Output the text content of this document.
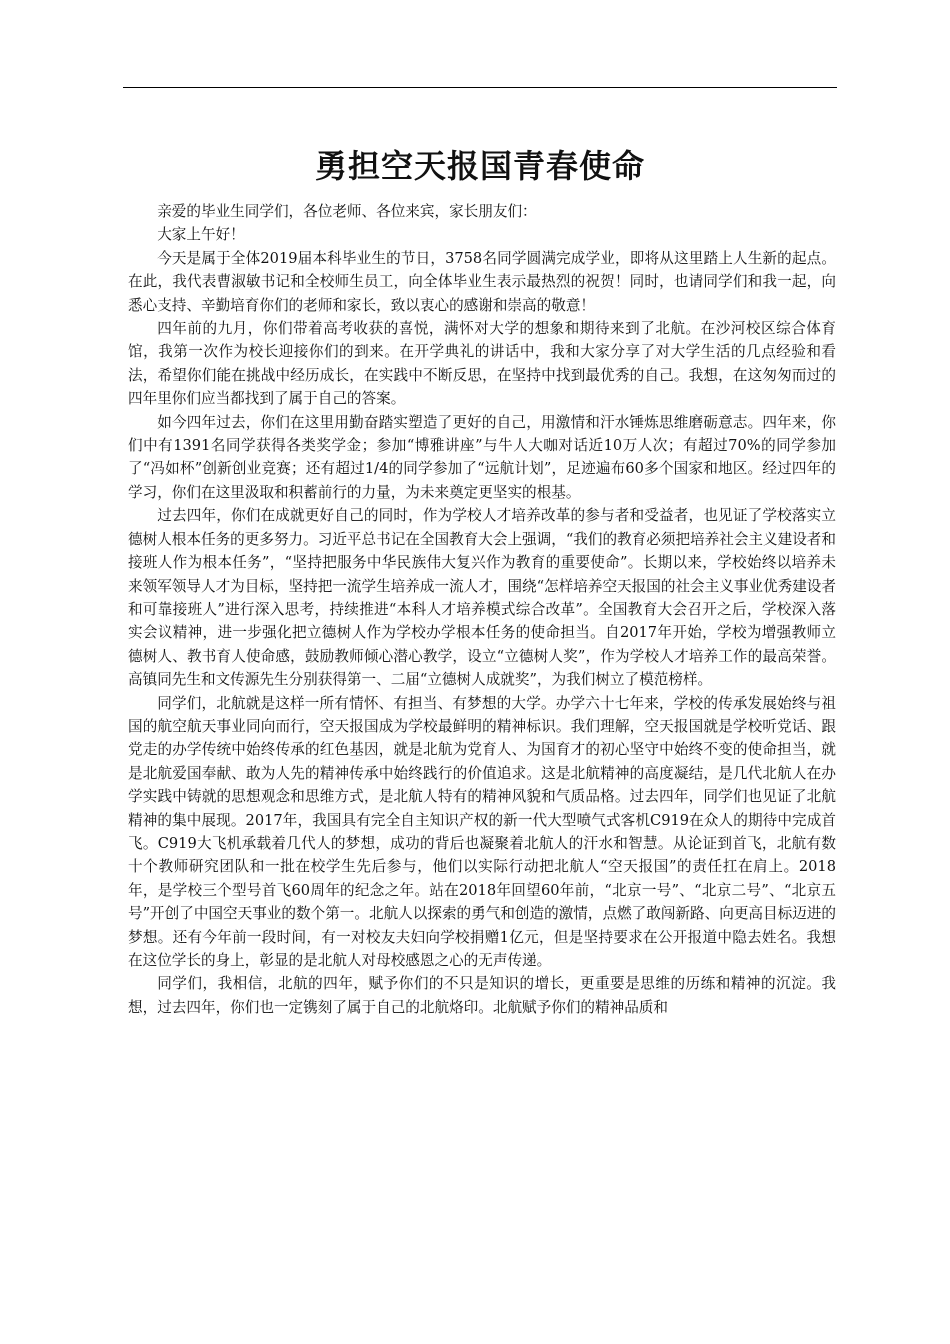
勇担空天报国青春使命

亲爱的毕业生同学们，各位老师、各位来宾，家长朋友们：

大家上午好！

今天是属于全体2019届本科毕业生的节日，3758名同学圆满完成学业，即将从这里踏上人生新的起点。在此，我代表曹淑敏书记和全校师生员工，向全体毕业生表示最热烈的祝贺！同时，也请同学们和我一起，向悉心支持、辛勤培育你们的老师和家长，致以衷心的感谢和崇高的敬意！

四年前的九月，你们带着高考收获的喜悦，满怀对大学的想象和期待来到了北航。在沙河校区综合体育馆，我第一次作为校长迎接你们的到来。在开学典礼的讲话中，我和大家分享了对大学生活的几点经验和看法，希望你们能在挑战中经历成长，在实践中不断反思，在坚持中找到最优秀的自己。我想，在这匆匆而过的四年里你们应当都找到了属于自己的答案。

如今四年过去，你们在这里用勤奋踏实塑造了更好的自己，用激情和汗水锤炼思维磨砺意志。四年来，你们中有1391名同学获得各类奖学金；参加“博雅讲座”与牛人大咖对话近10万人次；有超过70%的同学参加了“冯如杯”创新创业竞赛；还有超过1/4的同学参加了“远航计划”，足迹遍布60多个国家和地区。经过四年的学习，你们在这里汲取和积蓄前行的力量，为未来奠定更坚实的根基。

过去四年，你们在成就更好自己的同时，作为学校人才培养改革的参与者和受益者，也见证了学校落实立德树人根本任务的更多努力。习近平总书记在全国教育大会上强调，“我们的教育必须把培养社会主义建设者和接班人作为根本任务”，“坚持把服务中华民族伟大复兴作为教育的重要使命”。长期以来，学校始终以培养未来领军领导人才为目标，坚持把一流学生培养成一流人才，围绕“怎样培养空天报国的社会主义事业优秀建设者和可靠接班人”进行深入思考，持续推进“本科人才培养模式综合改革”。全国教育大会召开之后，学校深入落实会议精神，进一步强化把立德树人作为学校办学根本任务的使命担当。自2017年开始，学校为增强教师立德树人、教书育人使命感，鼓励教师倾心潜心教学，设立“立德树人奖”，作为学校人才培养工作的最高荣誉。高镇同先生和文传源先生分别获得第一、二届“立德树人成就奖”，为我们树立了模范榜样。

同学们，北航就是这样一所有情怀、有担当、有梦想的大学。办学六十七年来，学校的传承发展始终与祖国的航空航天事业同向而行，空天报国成为学校最鲜明的精神标识。我们理解，空天报国就是学校听党话、跟党走的办学传统中始终传承的红色基因，就是北航为党育人、为国育才的初心坚守中始终不变的使命担当，就是北航爱国奉献、敢为人先的精神传承中始终践行的价值追求。这是北航精神的高度凝结，是几代北航人在办学实践中铸就的思想观念和思维方式，是北航人特有的精神风貌和气质品格。过去四年，同学们也见证了北航精神的集中展现。2017年，我国具有完全自主知识产权的新一代大型喷气式客机C919在众人的期待中完成首飞。C919大飞机承载着几代人的梦想，成功的背后也凝聚着北航人的汗水和智慧。从论证到首飞，北航有数十个教师研究团队和一批在校学生先后参与，他们以实际行动把北航人“空天报国”的责任扛在肩上。2018年，是学校三个型号首飞60周年的纪念之年。站在2018年回望60年前，“北京一号”、“北京二号”、“北京五号”开创了中国空天事业的数个第一。北航人以探索的勇气和创造的激情，点燃了敢闯新路、向更高目标迈进的梦想。还有今年前一段时间，有一对校友夫妇向学校捐赠1亿元，但是坚持要求在公开报道中隐去姓名。我想在这位学长的身上，彰显的是北航人对母校感恩之心的无声传递。

同学们，我相信，北航的四年，赋予你们的不只是知识的增长，更重要是思维的历练和精神的沉淀。我想，过去四年，你们也一定镌刻了属于自己的北航烙印。北航赋予你们的精神品质和
